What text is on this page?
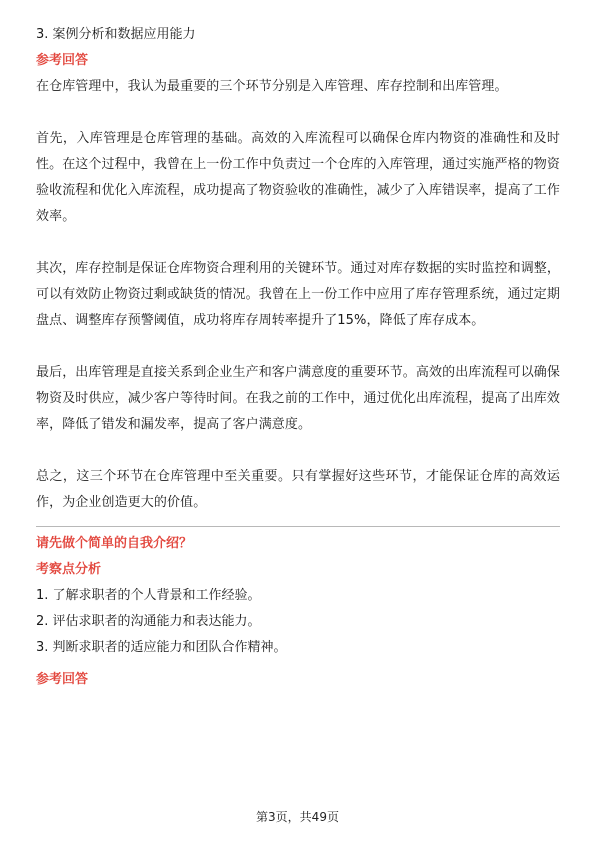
3. 案例分析和数据应用能力
参考回答
在仓库管理中，我认为最重要的三个环节分别是入库管理、库存控制和出库管理。
首先，入库管理是仓库管理的基础。高效的入库流程可以确保仓库内物资的准确性和及时性。在这个过程中，我曾在上一份工作中负责过一个仓库的入库管理，通过实施严格的物资验收流程和优化入库流程，成功提高了物资验收的准确性，减少了入库错误率，提高了工作效率。
其次，库存控制是保证仓库物资合理利用的关键环节。通过对库存数据的实时监控和调整，可以有效防止物资过剩或缺货的情况。我曾在上一份工作中应用了库存管理系统，通过定期盘点、调整库存预警阈值，成功将库存周转率提升了15%，降低了库存成本。
最后，出库管理是直接关系到企业生产和客户满意度的重要环节。高效的出库流程可以确保物资及时供应，减少客户等待时间。在我之前的工作中，通过优化出库流程，提高了出库效率，降低了错发和漏发率，提高了客户满意度。
总之，这三个环节在仓库管理中至关重要。只有掌握好这些环节，才能保证仓库的高效运作，为企业创造更大的价值。
请先做个简单的自我介绍？
考察点分析
1. 了解求职者的个人背景和工作经验。
2. 评估求职者的沟通能力和表达能力。
3. 判断求职者的适应能力和团队合作精神。
参考回答
第3页，共49页
